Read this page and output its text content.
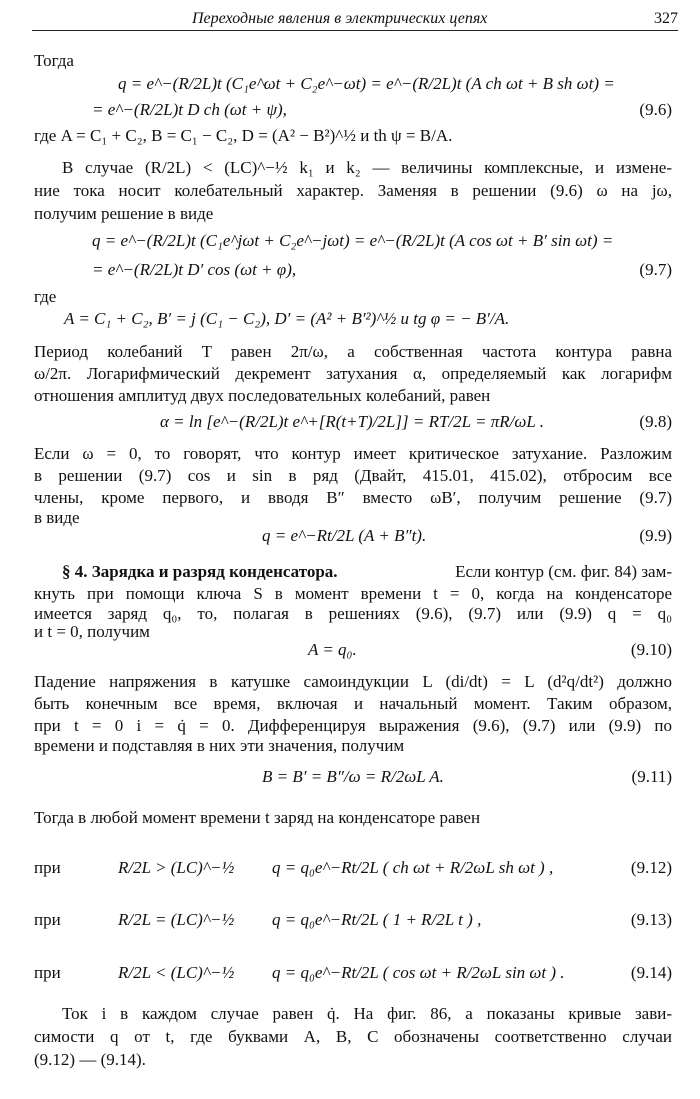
Переходные явления в электрических цепях	327
Тогда
q = e^−(R/2L)t (C₁e^ωt + C₂e^−ωt) = e^−(R/2L)t (A ch ωt + B sh ωt) =
= e^−(R/2L)t D ch (ωt + ψ),	(9.6)
где A = C₁ + C₂, B = C₁ − C₂, D = (A² − B²)^½ и th ψ = B/A.
В случае (R/2L) < (LC)^−½ k₁ и k₂ — величины комплексные, и измене-
ние тока носит колебательный характер. Заменяя в решении (9.6) ω на jω,
получим решение в виде
q = e^−(R/2L)t (C₁e^jωt + C₂e^−jωt) = e^−(R/2L)t (A cos ωt + B′ sin ωt) =
= e^−(R/2L)t D′ cos (ωt + φ),	(9.7)
где
A = C₁ + C₂, B′ = j (C₁ − C₂), D′ = (A² + B′²)^½ и tg φ = − B′/A.
Период колебаний T равен 2π/ω, а собственная частота контура равна
ω/2π. Логарифмический декремент затухания α, определяемый как логарифм
отношения амплитуд двух последовательных колебаний, равен
α = ln [e^−(R/2L)t e^+[R(t+T)/2L]] = RT/2L = πR/ωL .	(9.8)
Если ω = 0, то говорят, что контур имеет критическое затухание. Разложим
в решении (9.7) cos и sin в ряд (Двайт, 415.01, 415.02), отбросим все
члены, кроме первого, и вводя B″ вместо ωB′, получим решение (9.7)
в виде
q = e^−Rt/2L (A + B″t).	(9.9)
§ 4. Зарядка и разряд конденсатора.	Если контур (см. фиг. 84) зам-
кнуть при помощи ключа S в момент времени t = 0, когда на конденсаторе
имеется заряд q₀, то, полагая в решениях (9.6), (9.7) или (9.9) q = q₀
и t = 0, получим
A = q₀.	(9.10)
Падение напряжения в катушке самоиндукции L (di/dt) = L (d²q/dt²) должно
быть конечным все время, включая и начальный момент. Таким образом,
при t = 0 i = q̇ = 0. Дифференцируя выражения (9.6), (9.7) или (9.9) по
времени и подставляя в них эти значения, получим
B = B′ = B″/ω = R/2ωL A.	(9.11)
Тогда в любой момент времени t заряд на конденсаторе равен
при	R/2L > (LC)^−½ q = q₀e^−Rt/2L ( ch ωt + R/2ωL sh ωt ) ,	(9.12)
при	R/2L = (LC)^−½ q = q₀e^−Rt/2L ( 1 + R/2L t ) ,	(9.13)
при	R/2L < (LC)^−½ q = q₀e^−Rt/2L ( cos ωt + R/2ωL sin ωt ) .	(9.14)
Ток i в каждом случае равен q̇. На фиг. 86, a показаны кривые зави-
симости q от t, где буквами A, B, C обозначены соответственно случаи
(9.12) — (9.14).
